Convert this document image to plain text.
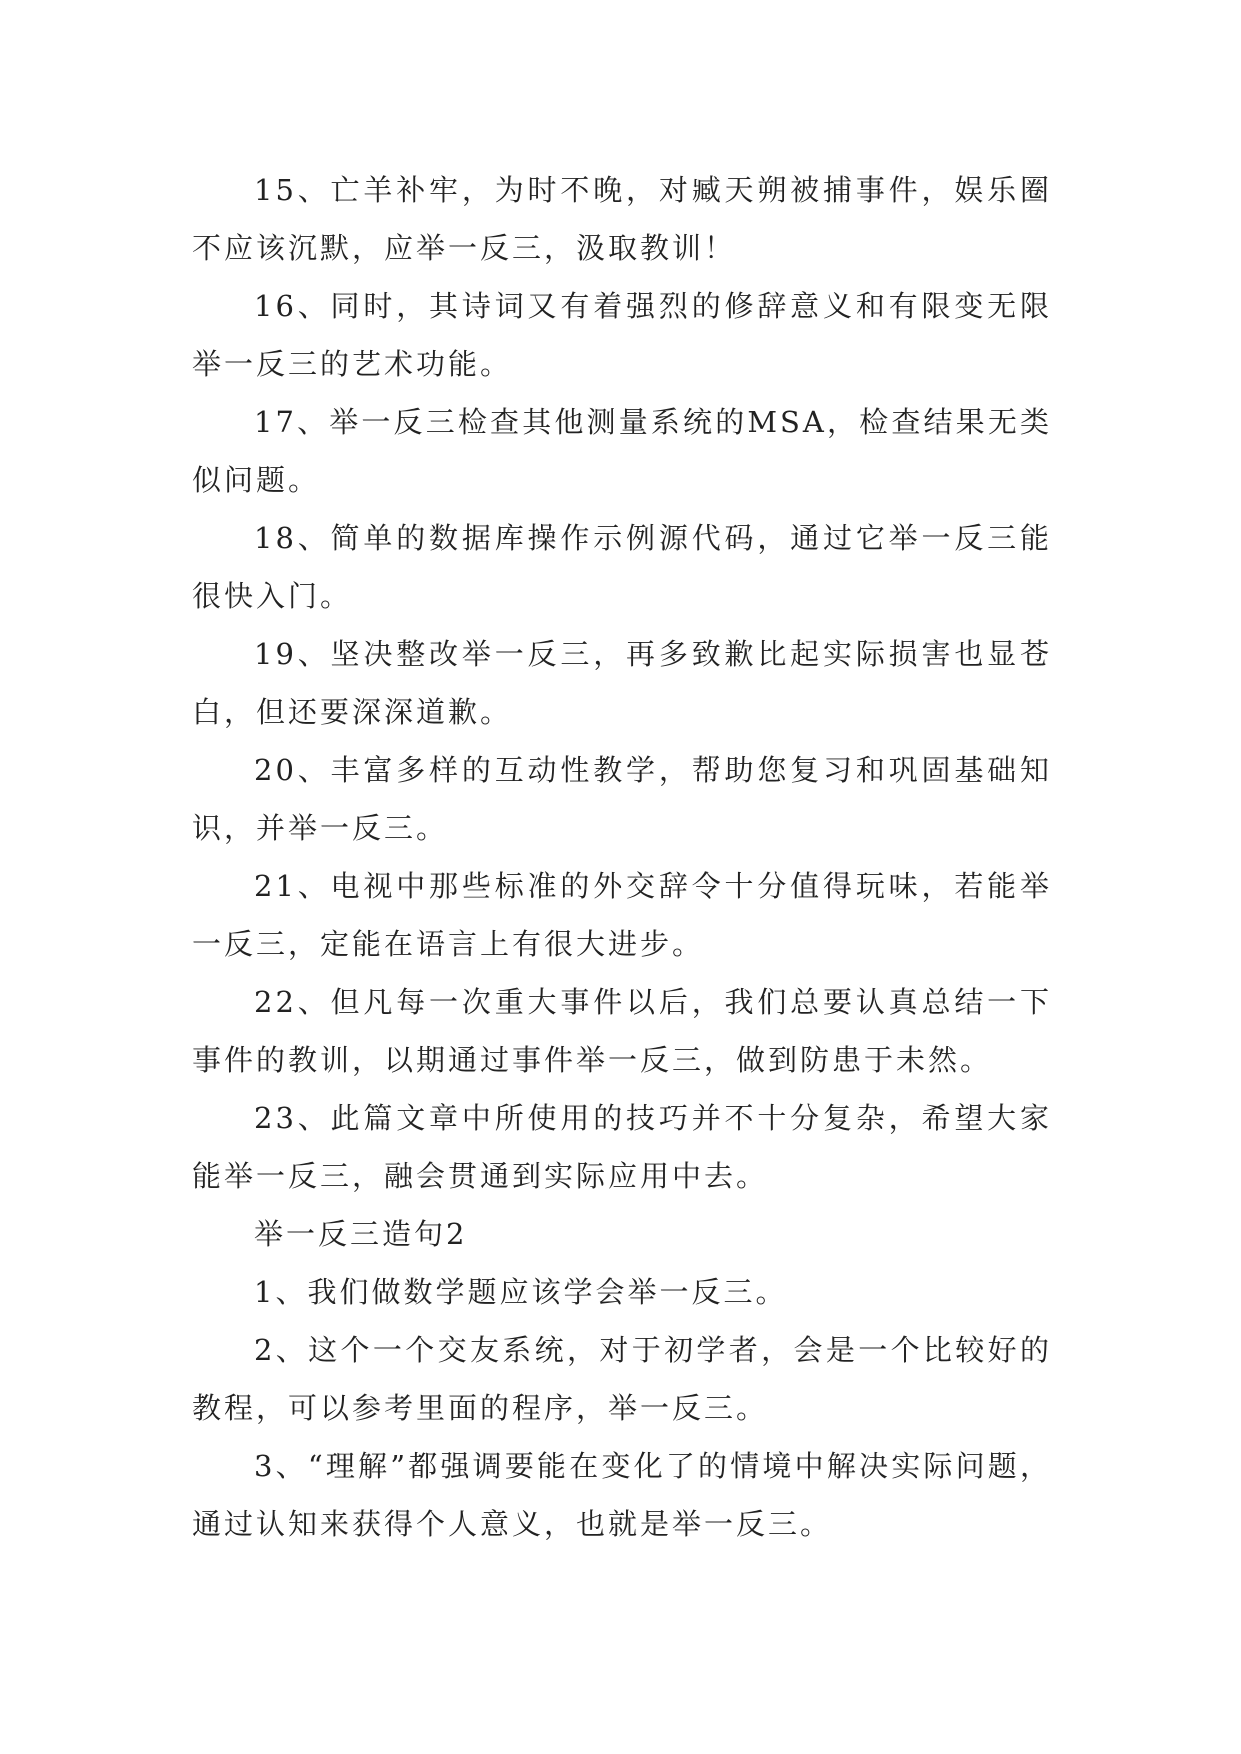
15、亡羊补牢，为时不晚，对臧天朔被捕事件，娱乐圈不应该沉默，应举一反三，汲取教训！

16、同时，其诗词又有着强烈的修辞意义和有限变无限举一反三的艺术功能。

17、举一反三检查其他测量系统的MSA，检查结果无类似问题。

18、简单的数据库操作示例源代码，通过它举一反三能很快入门。

19、坚决整改举一反三，再多致歉比起实际损害也显苍白，但还要深深道歉。

20、丰富多样的互动性教学，帮助您复习和巩固基础知识，并举一反三。

21、电视中那些标准的外交辞令十分值得玩味，若能举一反三，定能在语言上有很大进步。

22、但凡每一次重大事件以后，我们总要认真总结一下事件的教训，以期通过事件举一反三，做到防患于未然。

23、此篇文章中所使用的技巧并不十分复杂，希望大家能举一反三，融会贯通到实际应用中去。

举一反三造句2

1、我们做数学题应该学会举一反三。

2、这个一个交友系统，对于初学者，会是一个比较好的教程，可以参考里面的程序，举一反三。

3、“理解”都强调要能在变化了的情境中解决实际问题，通过认知来获得个人意义，也就是举一反三。
